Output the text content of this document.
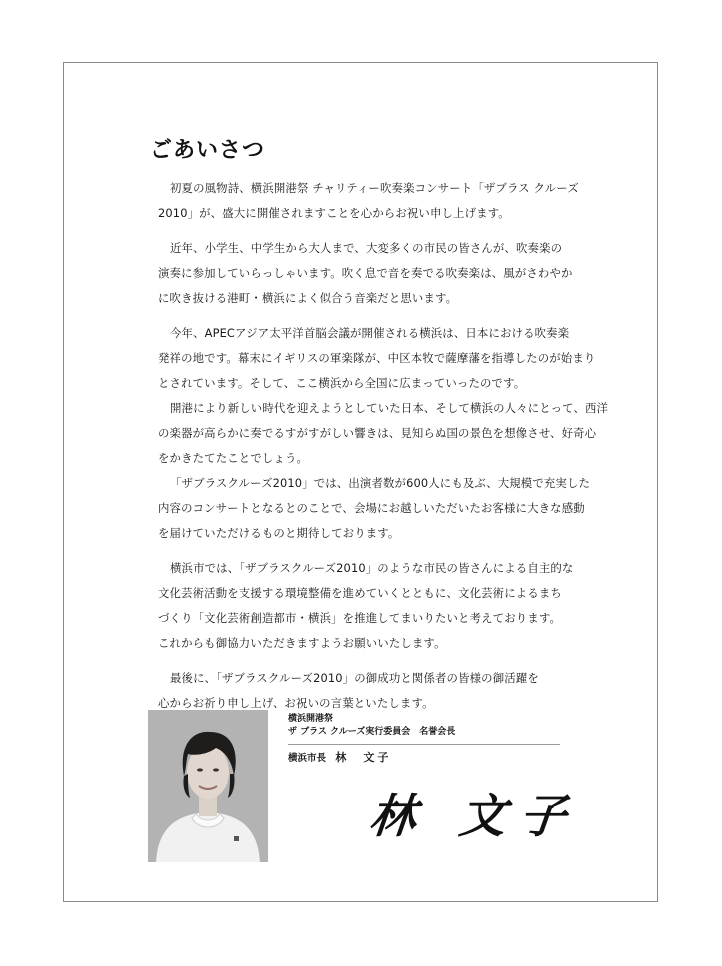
ごあいさつ

初夏の風物詩、横浜開港祭 チャリティー吹奏楽コンサート「ザブラス クルーズ
2010」が、盛大に開催されますことを心からお祝い申し上げます。

近年、小学生、中学生から大人まで、大変多くの市民の皆さんが、吹奏楽の
演奏に参加していらっしゃいます。吹く息で音を奏でる吹奏楽は、風がさわやか
に吹き抜ける港町・横浜によく似合う音楽だと思います。

今年、APECアジア太平洋首脳会議が開催される横浜は、日本における吹奏楽
発祥の地です。幕末にイギリスの軍楽隊が、中区本牧で薩摩藩を指導したのが始まり
とされています。そして、ここ横浜から全国に広まっていったのです。

開港により新しい時代を迎えようとしていた日本、そして横浜の人々にとって、西洋
の楽器が高らかに奏でるすがすがしい響きは、見知らぬ国の景色を想像させ、好奇心
をかきたてたことでしょう。

「ザブラスクルーズ2010」では、出演者数が600人にも及ぶ、大規模で充実した
内容のコンサートとなるとのことで、会場にお越しいただいたお客様に大きな感動
を届けていただけるものと期待しております。

横浜市では、「ザブラスクルーズ2010」のような市民の皆さんによる自主的な
文化芸術活動を支援する環境整備を進めていくとともに、文化芸術によるまち
づくり「文化芸術創造都市・横浜」を推進してまいりたいと考えております。
これからも御協力いただきますようお願いいたします。

最後に、「ザブラスクルーズ2010」の御成功と関係者の皆様の御活躍を
心からお祈り申し上げ、お祝いの言葉といたします。

横浜開港祭

ザ ブラス クルーズ実行委員会　名誉会長

横浜市長 林　文子

林 文子
